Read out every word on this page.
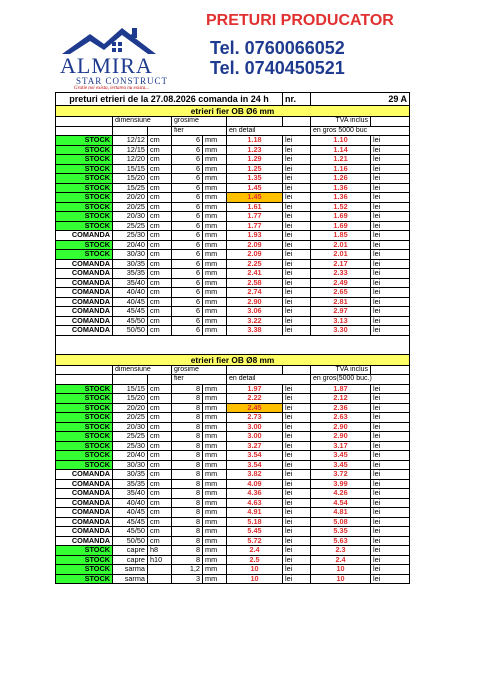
ALMIRA
STAR CONSTRUCT
Gratie noi exista, iertarea nu exista...
PRETURI PRODUCATOR
Tel. 0760066052
Tel. 0740450521
preturi etrieri de la 27.08.2026 comanda in 24 h						nr.	29 A	
etrieri fier OB Ø6 mm								
	dimensiune		grosime				TVA inclus	
			fier		en detail		en gros 5000 buc	
STOCK	12/12	cm	6	mm	1.18	lei	1.10	lei
STOCK	12/15	cm	6	mm	1.23	lei	1.14	lei
STOCK	12/20	cm	6	mm	1.29	lei	1.21	lei
STOCK	15/15	cm	6	mm	1.25	lei	1.16	lei
STOCK	15/20	cm	6	mm	1.35	lei	1.26	lei
STOCK	15/25	cm	6	mm	1.45	lei	1.36	lei
STOCK	20/20	cm	6	mm	1.45	lei	1.36	lei
STOCK	20/25	cm	6	mm	1.61	lei	1.52	lei
STOCK	20/30	cm	6	mm	1.77	lei	1.69	lei
STOCK	25/25	cm	6	mm	1.77	lei	1.69	lei
COMANDA	25/30	cm	6	mm	1.93	lei	1.85	lei
STOCK	20/40	cm	6	mm	2.09	lei	2.01	lei
STOCK	30/30	cm	6	mm	2.09	lei	2.01	lei
COMANDA	30/35	cm	6	mm	2.25	lei	2.17	lei
COMANDA	35/35	cm	6	mm	2.41	lei	2.33	lei
COMANDA	35/40	cm	6	mm	2.58	lei	2.49	lei
COMANDA	40/40	cm	6	mm	2.74	lei	2.65	lei
COMANDA	40/45	cm	6	mm	2.90	lei	2.81	lei
COMANDA	45/45	cm	6	mm	3.06	lei	2.97	lei
COMANDA	45/50	cm	6	mm	3.22	lei	3.13	lei
COMANDA	50/50	cm	6	mm	3.38	lei	3.30	lei

etrieri fier OB Ø8 mm								
	dimensiune		grosime				TVA inclus	
			fier		en detail		en gros(5000 buc.)	
STOCK	15/15	cm	8	mm	1.97	lei	1.87	lei
STOCK	15/20	cm	8	mm	2.22	lei	2.12	lei
STOCK	20/20	cm	8	mm	2.45	lei	2.36	lei
STOCK	20/25	cm	8	mm	2.73	lei	2.63	lei
STOCK	20/30	cm	8	mm	3.00	lei	2.90	lei
STOCK	25/25	cm	8	mm	3.00	lei	2.90	lei
STOCK	25/30	cm	8	mm	3.27	lei	3.17	lei
STOCK	20/40	cm	8	mm	3.54	lei	3.45	lei
STOCK	30/30	cm	8	mm	3.54	lei	3.45	lei
COMANDA	30/35	cm	8	mm	3.82	lei	3.72	lei
COMANDA	35/35	cm	8	mm	4.09	lei	3.99	lei
COMANDA	35/40	cm	8	mm	4.36	lei	4.26	lei
COMANDA	40/40	cm	8	mm	4.63	lei	4.54	lei
COMANDA	40/45	cm	8	mm	4.91	lei	4.81	lei
COMANDA	45/45	cm	8	mm	5.18	lei	5.08	lei
COMANDA	45/50	cm	8	mm	5.45	lei	5.35	lei
COMANDA	50/50	cm	8	mm	5.72	lei	5.63	lei
STOCK	capre	h8	8	mm	2.4	lei	2.3	lei
STOCK	capre	h10	8	mm	2.5	lei	2.4	lei
STOCK	sarma		1,2	mm	10	lei	10	lei
STOCK	sarma		3	mm	10	lei	10	lei
